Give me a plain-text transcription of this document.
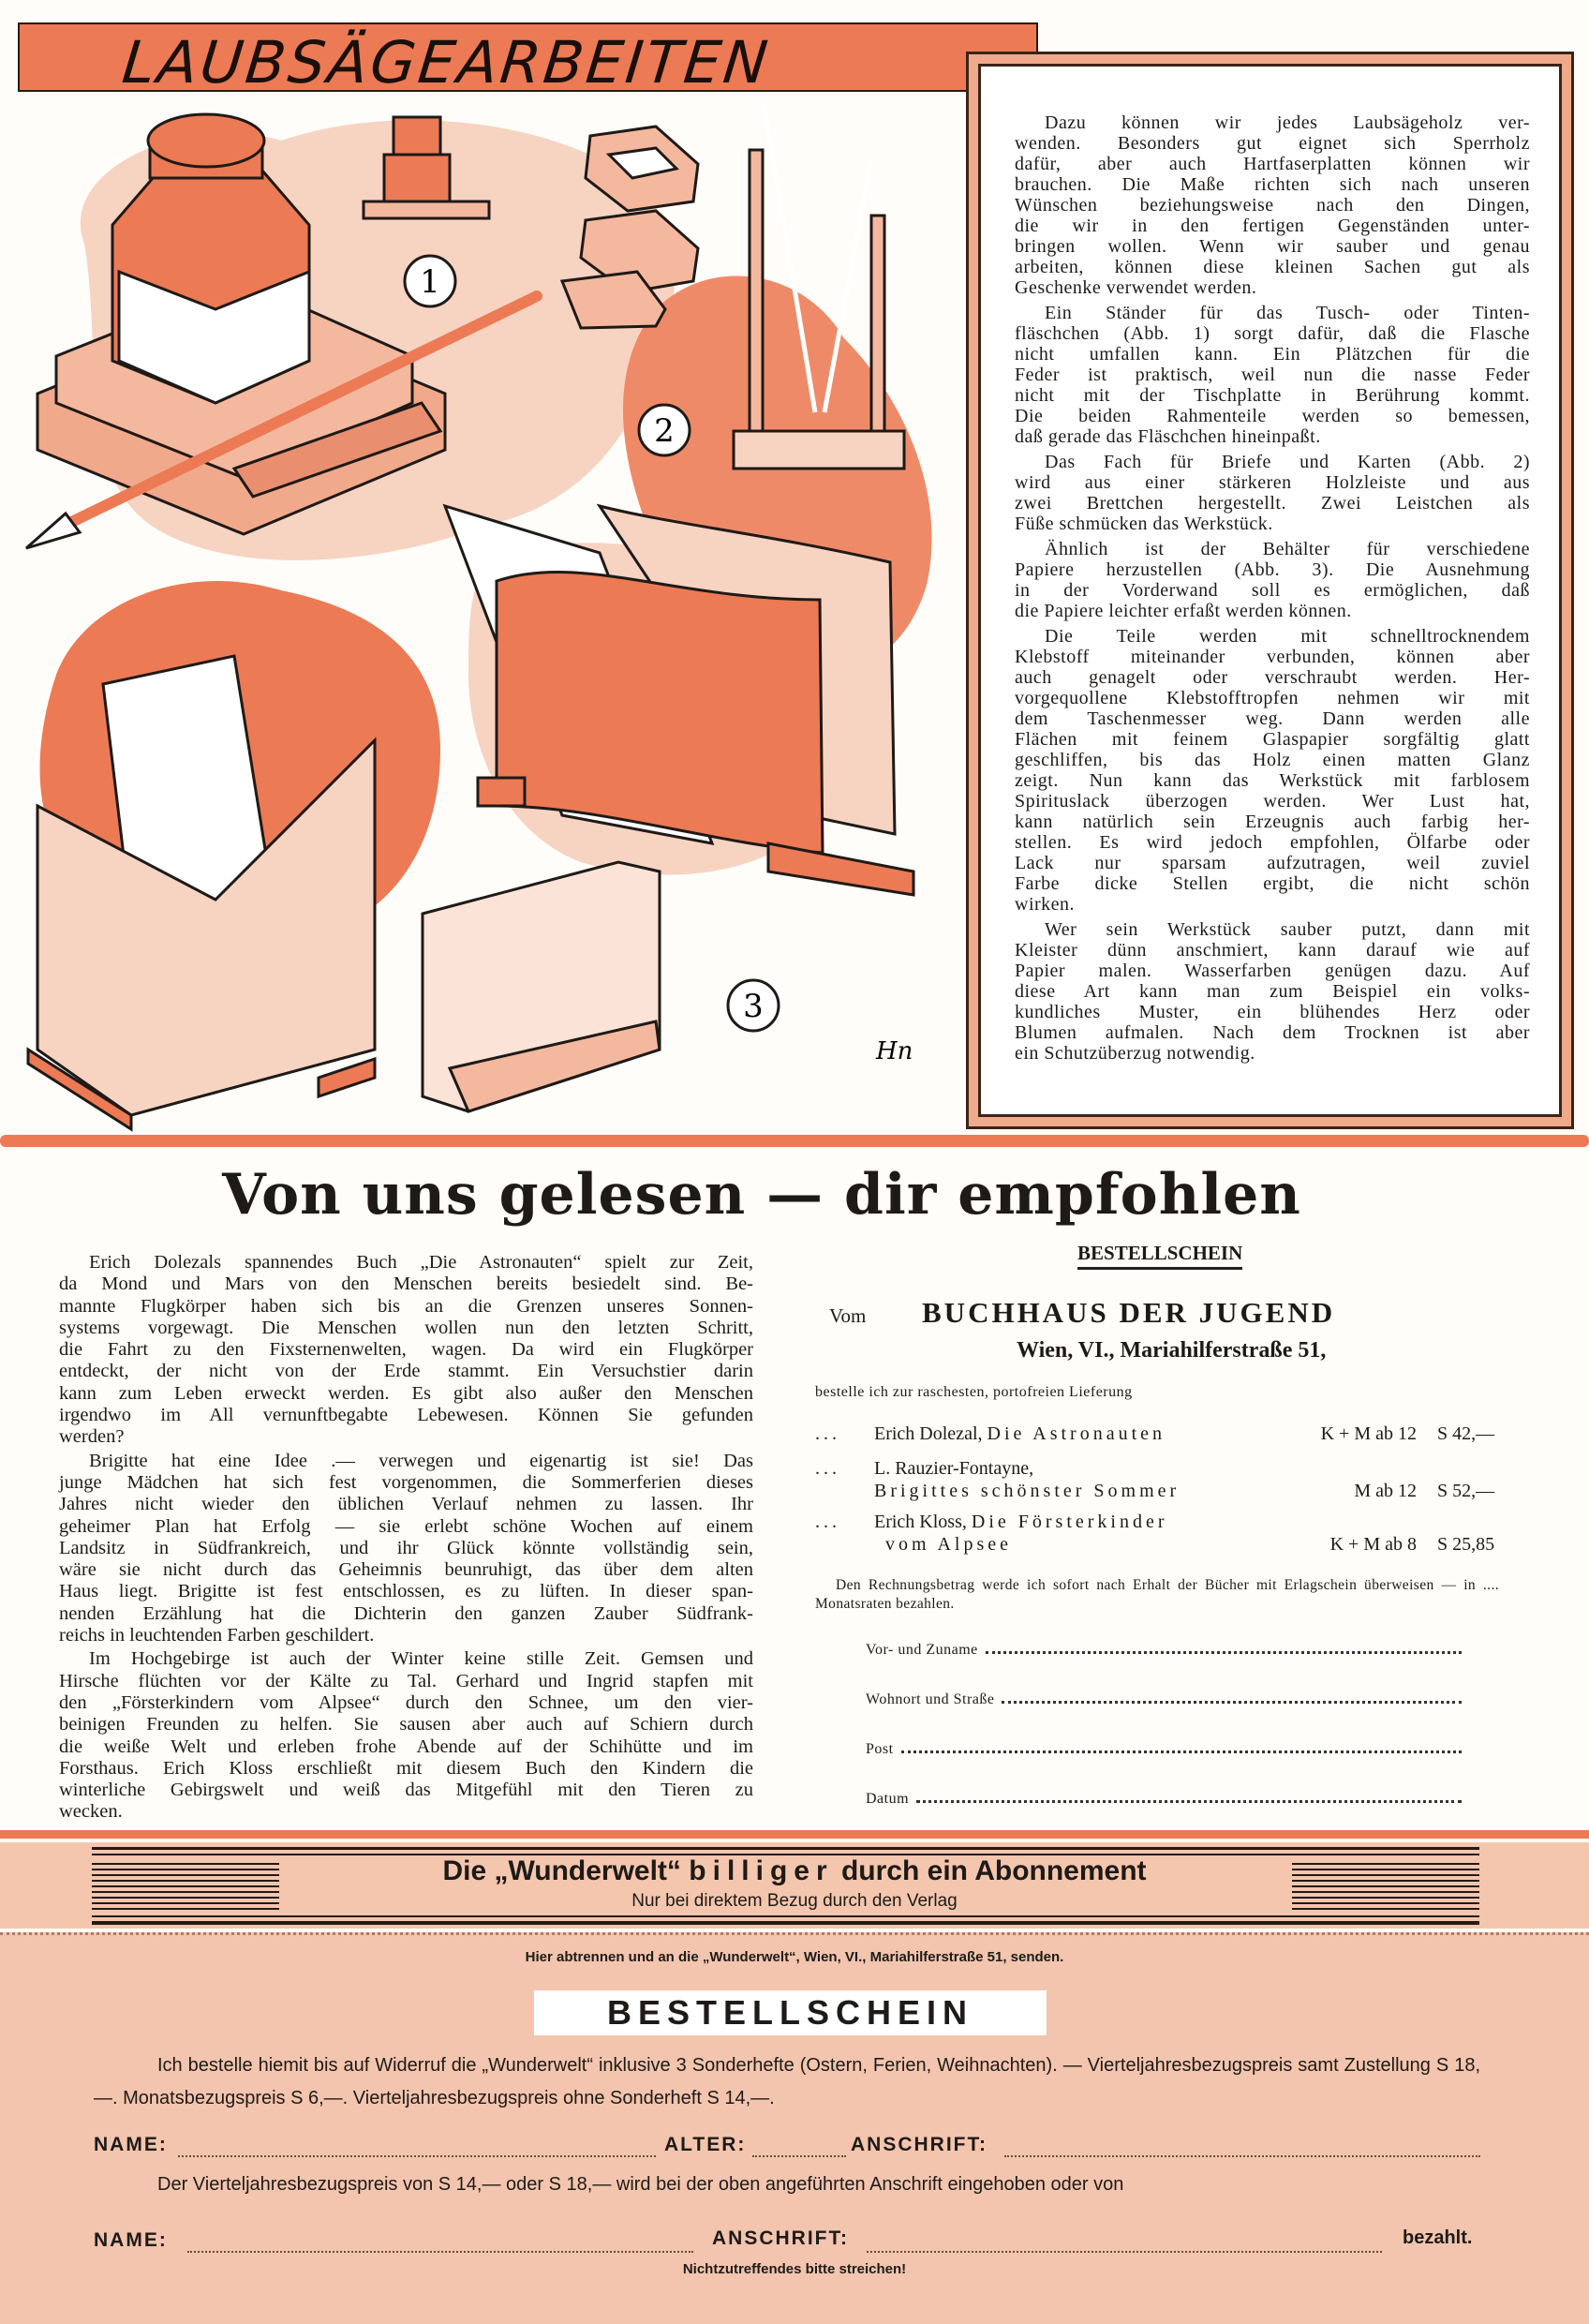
LAUBSÄGEARBEITEN
1
2
3
Hn
Dazu können wir jedes Laubsägeholz ver-
wenden. Besonders gut eignet sich Sperrholz
dafür, aber auch Hartfaserplatten können wir
brauchen. Die Maße richten sich nach unseren
Wünschen beziehungsweise nach den Dingen,
die wir in den fertigen Gegenständen unter-
bringen wollen. Wenn wir sauber und genau
arbeiten, können diese kleinen Sachen gut als
Geschenke verwendet werden.
Ein Ständer für das Tusch- oder Tinten-
fläschchen (Abb. 1) sorgt dafür, daß die Flasche
nicht umfallen kann. Ein Plätzchen für die
Feder ist praktisch, weil nun die nasse Feder
nicht mit der Tischplatte in Berührung kommt.
Die beiden Rahmenteile werden so bemessen,
daß gerade das Fläschchen hineinpaßt.
Das Fach für Briefe und Karten (Abb. 2)
wird aus einer stärkeren Holzleiste und aus
zwei Brettchen hergestellt. Zwei Leistchen als
Füße schmücken das Werkstück.
Ähnlich ist der Behälter für verschiedene
Papiere herzustellen (Abb. 3). Die Ausnehmung
in der Vorderwand soll es ermöglichen, daß
die Papiere leichter erfaßt werden können.
Die Teile werden mit schnelltrocknendem
Klebstoff miteinander verbunden, können aber
auch genagelt oder verschraubt werden. Her-
vorgequollene Klebstofftropfen nehmen wir mit
dem Taschenmesser weg. Dann werden alle
Flächen mit feinem Glaspapier sorgfältig glatt
geschliffen, bis das Holz einen matten Glanz
zeigt. Nun kann das Werkstück mit farblosem
Spirituslack überzogen werden. Wer Lust hat,
kann natürlich sein Erzeugnis auch farbig her-
stellen. Es wird jedoch empfohlen, Ölfarbe oder
Lack nur sparsam aufzutragen, weil zuviel
Farbe dicke Stellen ergibt, die nicht schön
wirken.
Wer sein Werkstück sauber putzt, dann mit
Kleister dünn anschmiert, kann darauf wie auf
Papier malen. Wasserfarben genügen dazu. Auf
diese Art kann man zum Beispiel ein volks-
kundliches Muster, ein blühendes Herz oder
Blumen aufmalen. Nach dem Trocknen ist aber
ein Schutzüberzug notwendig.
Von uns gelesen — dir empfohlen
Erich Dolezals spannendes Buch „Die Astronauten“ spielt zur Zeit,
da Mond und Mars von den Menschen bereits besiedelt sind. Be-
mannte Flugkörper haben sich bis an die Grenzen unseres Sonnen-
systems vorgewagt. Die Menschen wollen nun den letzten Schritt,
die Fahrt zu den Fixsternenwelten, wagen. Da wird ein Flugkörper
entdeckt, der nicht von der Erde stammt. Ein Versuchstier darin
kann zum Leben erweckt werden. Es gibt also außer den Menschen
irgendwo im All vernunftbegabte Lebewesen. Können Sie gefunden
werden?
Brigitte hat eine Idee .— verwegen und eigenartig ist sie! Das
junge Mädchen hat sich fest vorgenommen, die Sommerferien dieses
Jahres nicht wieder den üblichen Verlauf nehmen zu lassen. Ihr
geheimer Plan hat Erfolg — sie erlebt schöne Wochen auf einem
Landsitz in Südfrankreich, und ihr Glück könnte vollständig sein,
wäre sie nicht durch das Geheimnis beunruhigt, das über dem alten
Haus liegt. Brigitte ist fest entschlossen, es zu lüften. In dieser span-
nenden Erzählung hat die Dichterin den ganzen Zauber Südfrank-
reichs in leuchtenden Farben geschildert.
Im Hochgebirge ist auch der Winter keine stille Zeit. Gemsen und
Hirsche flüchten vor der Kälte zu Tal. Gerhard und Ingrid stapfen mit
den „Försterkindern vom Alpsee“ durch den Schnee, um den vier-
beinigen Freunden zu helfen. Sie sausen aber auch auf Schiern durch
die weiße Welt und erleben frohe Abende auf der Schihütte und im
Forsthaus. Erich Kloss erschließt mit diesem Buch den Kindern die
winterliche Gebirgswelt und weiß das Mitgefühl mit den Tieren zu
wecken.
BESTELLSCHEIN
Vom BUCHHAUS DER JUGEND
Wien, VI., Mariahilferstraße 51,
bestelle ich zur raschesten, portofreien Lieferung
... Erich Dolezal, Die Astronauten	K + M ab 12 S 42,—
... L. Rauzier-Fontayne,
Brigittes schönster Sommer	M ab 12 S 52,—
... Erich Kloss, Die Försterkinder
vom Alpsee	K + M ab 8 S 25,85
Den Rechnungsbetrag werde ich sofort nach Erhalt der Bücher mit Erlagschein überweisen — in .... Monatsraten bezahlen.
Vor- und Zuname
Wohnort und Straße
Post
Datum
Die „Wunderwelt“ billiger durch ein Abonnement
Nur bei direktem Bezug durch den Verlag
Hier abtrennen und an die „Wunderwelt“, Wien, VI., Mariahilferstraße 51, senden.
BESTELLSCHEIN
Ich bestelle hiemit bis auf Widerruf die „Wunderwelt“ inklusive 3 Sonderhefte (Ostern, Ferien, Weihnachten). — Vierteljahresbezugspreis samt Zustellung S 18,—. Monatsbezugspreis S 6,—. Vierteljahresbezugspreis ohne Sonderheft S 14,—.
NAME:	ALTER:	ANSCHRIFT:
Der Vierteljahresbezugspreis von S 14,— oder S 18,— wird bei der oben angeführten Anschrift eingehoben oder von
NAME:	ANSCHRIFT:	bezahlt.
Nichtzutreffendes bitte streichen!
